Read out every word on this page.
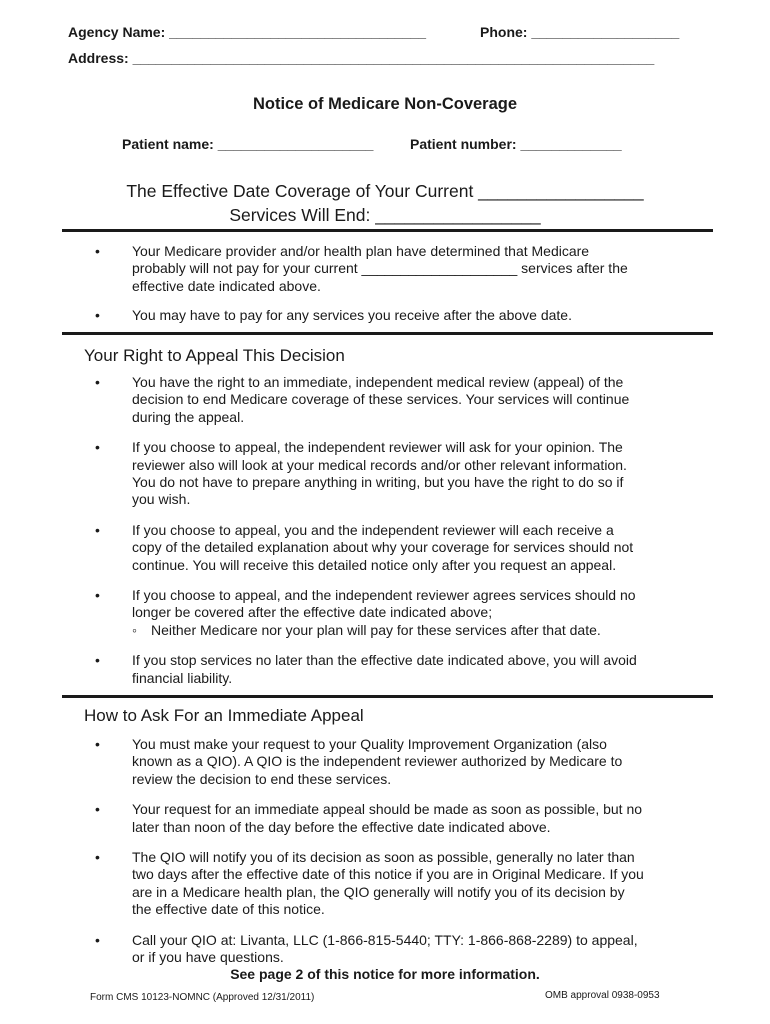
Agency Name: _________________________________	Phone: ___________________
Address: ___________________________________________________________________
Notice of Medicare Non-Coverage
Patient name: ____________________	Patient number: _____________
The Effective Date Coverage of Your Current _________________
Services Will End: _________________
• Your Medicare provider and/or health plan have determined that Medicare
probably will not pay for your current ____________________ services after the
effective date indicated above.
• You may have to pay for any services you receive after the above date.
Your Right to Appeal This Decision
• You have the right to an immediate, independent medical review (appeal) of the
decision to end Medicare coverage of these services. Your services will continue
during the appeal.
• If you choose to appeal, the independent reviewer will ask for your opinion. The
reviewer also will look at your medical records and/or other relevant information.
You do not have to prepare anything in writing, but you have the right to do so if
you wish.
• If you choose to appeal, you and the independent reviewer will each receive a
copy of the detailed explanation about why your coverage for services should not
continue. You will receive this detailed notice only after you request an appeal.
• If you choose to appeal, and the independent reviewer agrees services should no
longer be covered after the effective date indicated above;
◦ Neither Medicare nor your plan will pay for these services after that date.
• If you stop services no later than the effective date indicated above, you will avoid
financial liability.
How to Ask For an Immediate Appeal
• You must make your request to your Quality Improvement Organization (also
known as a QIO). A QIO is the independent reviewer authorized by Medicare to
review the decision to end these services.
• Your request for an immediate appeal should be made as soon as possible, but no
later than noon of the day before the effective date indicated above.
• The QIO will notify you of its decision as soon as possible, generally no later than
two days after the effective date of this notice if you are in Original Medicare. If you
are in a Medicare health plan, the QIO generally will notify you of its decision by
the effective date of this notice.
• Call your QIO at: Livanta, LLC (1-866-815-5440; TTY: 1-866-868-2289) to appeal,
or if you have questions.
See page 2 of this notice for more information.
Form CMS 10123-NOMNC (Approved 12/31/2011)	OMB approval 0938-0953
